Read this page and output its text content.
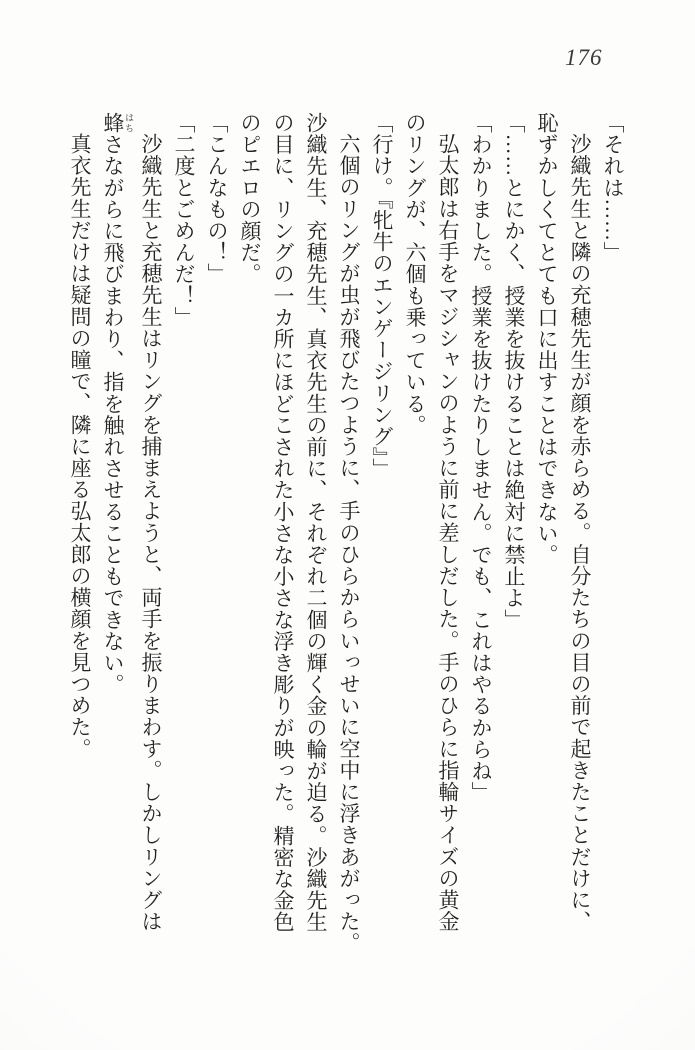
176

「それは……」

沙織先生と隣の充穂先生が顔を赤らめる。自分たちの目の前で起きたことだけに、

恥ずかしくてとても口に出すことはできない。

「……とにかく、授業を抜けることは絶対に禁止よ」

「わかりました。授業を抜けたりしません。でも、これはやるからね」

弘太郎は右手をマジシャンのように前に差しだした。手のひらに指輪サイズの黄金

のリングが、六個も乗っている。

「行け。『牝牛のエンゲージリング』」

六個のリングが虫が飛びたつように、手のひらからいっせいに空中に浮きあがった。

沙織先生、充穂先生、真衣先生の前に、それぞれ二個の輝く金の輪が迫る。沙織先生

の目に、リングの一カ所にほどこされた小さな小さな浮き彫りが映った。精密な金色

のピエロの顔だ。

「こんなもの！」

「二度とごめんだ！」

沙織先生と充穂先生はリングを捕まえようと、両手を振りまわす。しかしリングは

蜂 はちさながらに飛びまわり、指を触れさせることもできない。

真衣先生だけは疑問の瞳で、隣に座る弘太郎の横顔を見つめた。
